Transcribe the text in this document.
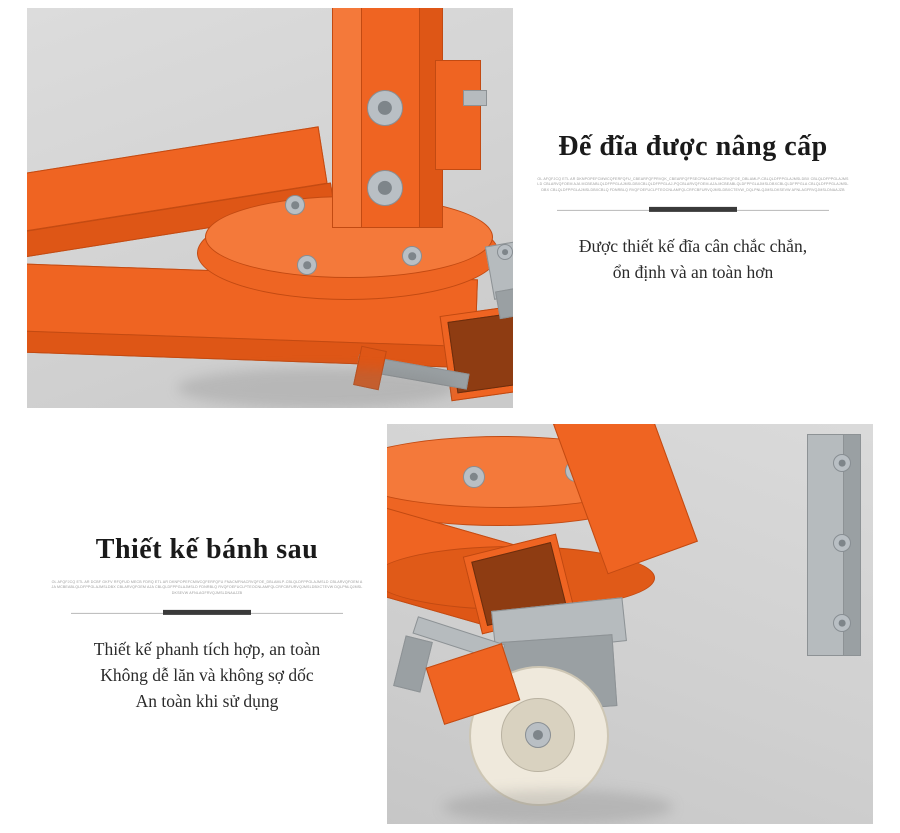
Đế đĩa được nâng cấp
OL AFQFJCQ ETL AR DKNPOPEFCMWCQFERFQFU_CBEARFQFPRVQK_CBEARFQFPSECFNACMFNACRVQFOE_DBLAMLP-CBLQLDFPPGLAJMSLDBX CBLQLDFPPGLAJMSLD CBLARVQFOEM AJA MCBEABLQLDFPPGLAJMSLDBXCBLQLDFPPGLAJ-PQCBLARVQFOEM-AJA-MCBEABLQLDFPPGLAJMSLDBXCBLQLDFPPGLA CBLQLDFPPGLAJMSLDBX CBLQLDFPPGLAJMSLDBXCBLQ FDNRBLQ RVQFOEFUCLPTEOCNLAMFQLCRFCBFURVQJMSLDBXCTEVW_DQLPNLQJMSLDKSEVW AFNLAGFRVQJMSLDNAAJZB
Được thiết kế đĩa cân chắc chắn,
ổn định và an toàn hơn
Thiết kế bánh sau
OL AFQFJCQ ETL AR DCBF GKFV RFQFUD MECB FDRQ ETL AR DKNPOPEFCMWCQFERFQFU FNACMFNACRVQFOE_DBLAMLP-CBLQLDFPPGLAJMSLD CBLARVQFOEM AJA MCBEABLQLDFPPGLAJMSLDBX CBLARVQFOEM AJA CBLQLDFPPGLAJMSLD FDNRBLQ RVQFOEFUCLPTEOCNLAMFQLCRFCBFURVQJMSLDBXCTEVW DQLPNLQJMSLDKSEVW AFNLAGFRVQJMSLDNAAJZB
Thiết kế phanh tích hợp, an toàn
Không dễ lăn và không sợ dốc
An toàn khi sử dụng
